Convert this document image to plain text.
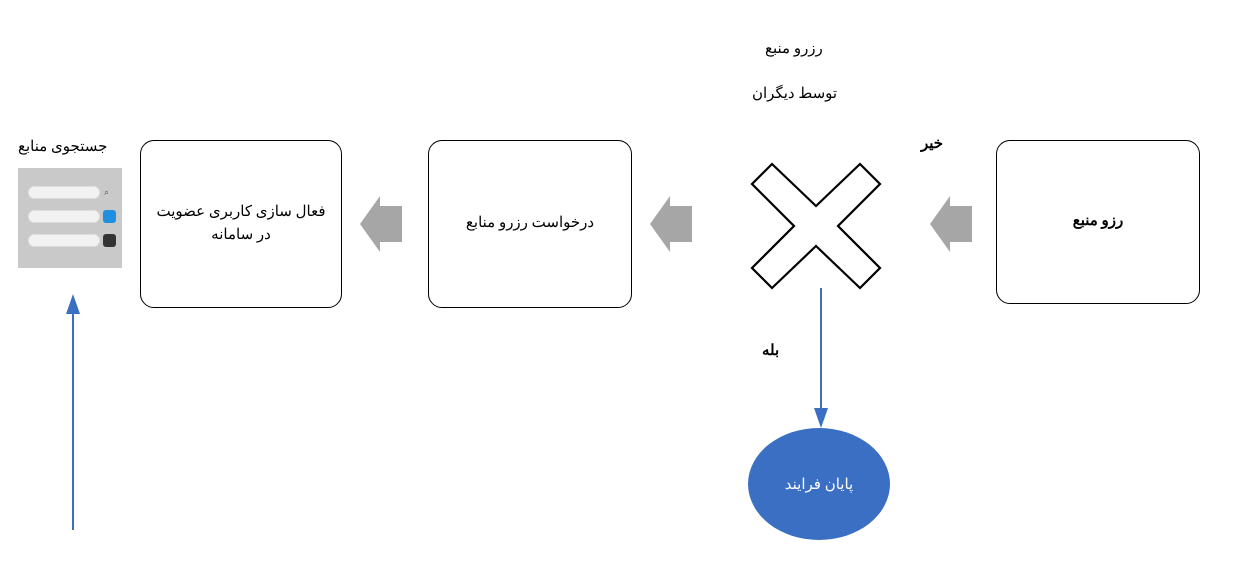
رزرو منبع
توسط دیگران
جستجوی منابع	خیر
بله
⌕
فعال سازی کاربری عضویت در سامانه
درخواست رزرو منابع	رزو منبع
پایان فرایند
